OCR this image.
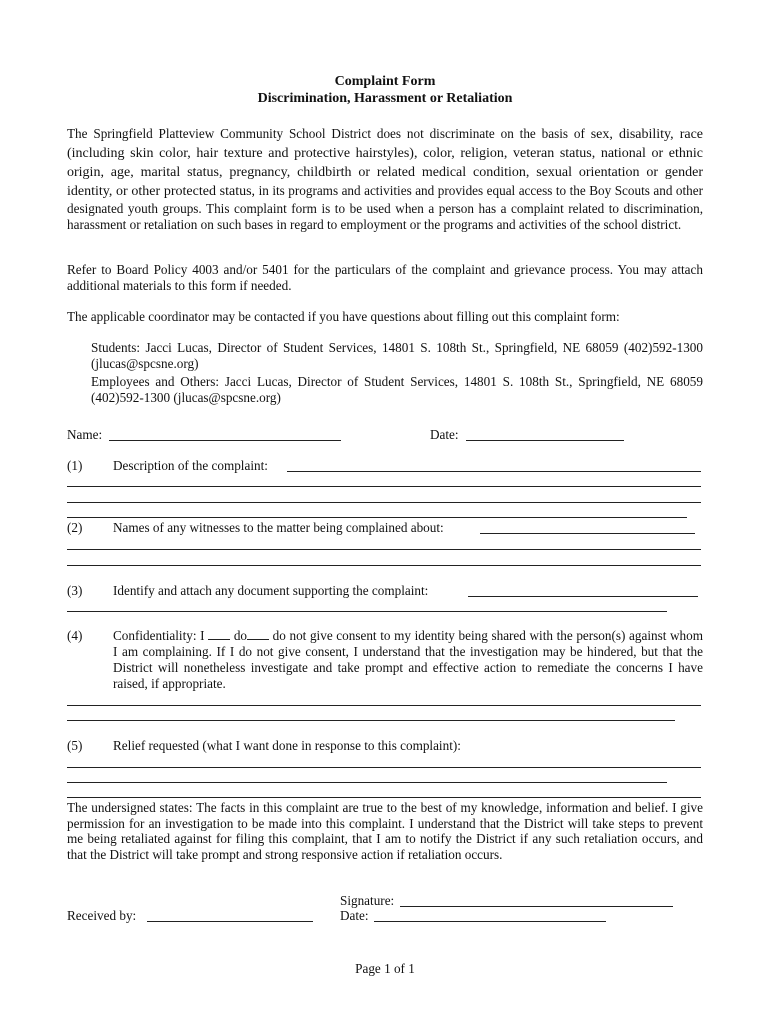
Complaint Form
Discrimination, Harassment or Retaliation
The Springfield Platteview Community School District does not discriminate on the basis of sex, disability, race (including skin color, hair texture and protective hairstyles), color, religion, veteran status, national or ethnic origin, age, marital status, pregnancy, childbirth or related medical condition, sexual orientation or gender identity, or other protected status, in its programs and activities and provides equal access to the Boy Scouts and other designated youth groups. This complaint form is to be used when a person has a complaint related to discrimination, harassment or retaliation on such bases in regard to employment or the programs and activities of the school district.
Refer to Board Policy 4003 and/or 5401 for the particulars of the complaint and grievance process. You may attach additional materials to this form if needed.
The applicable coordinator may be contacted if you have questions about filling out this complaint form:
Students: Jacci Lucas, Director of Student Services, 14801 S. 108th St., Springfield, NE 68059 (402)592-1300 (jlucas@spcsne.org)
Employees and Others: Jacci Lucas, Director of Student Services, 14801 S. 108th St., Springfield, NE 68059 (402)592-1300 (jlucas@spcsne.org)
Name:	Date:
(1) Description of the complaint:
(2) Names of any witnesses to the matter being complained about:
(3) Identify and attach any document supporting the complaint:
(4) Confidentiality: I do do not give consent to my identity being shared with the person(s) against whom I am complaining. If I do not give consent, I understand that the investigation may be hindered, but that the District will nonetheless investigate and take prompt and effective action to remediate the concerns I have raised, if appropriate.
(5) Relief requested (what I want done in response to this complaint):
The undersigned states: The facts in this complaint are true to the best of my knowledge, information and belief. I give permission for an investigation to be made into this complaint. I understand that the District will take steps to prevent me being retaliated against for filing this complaint, that I am to notify the District if any such retaliation occurs, and that the District will take prompt and strong responsive action if retaliation occurs.
Received by:
Signature:
Date:
Page 1 of 1
